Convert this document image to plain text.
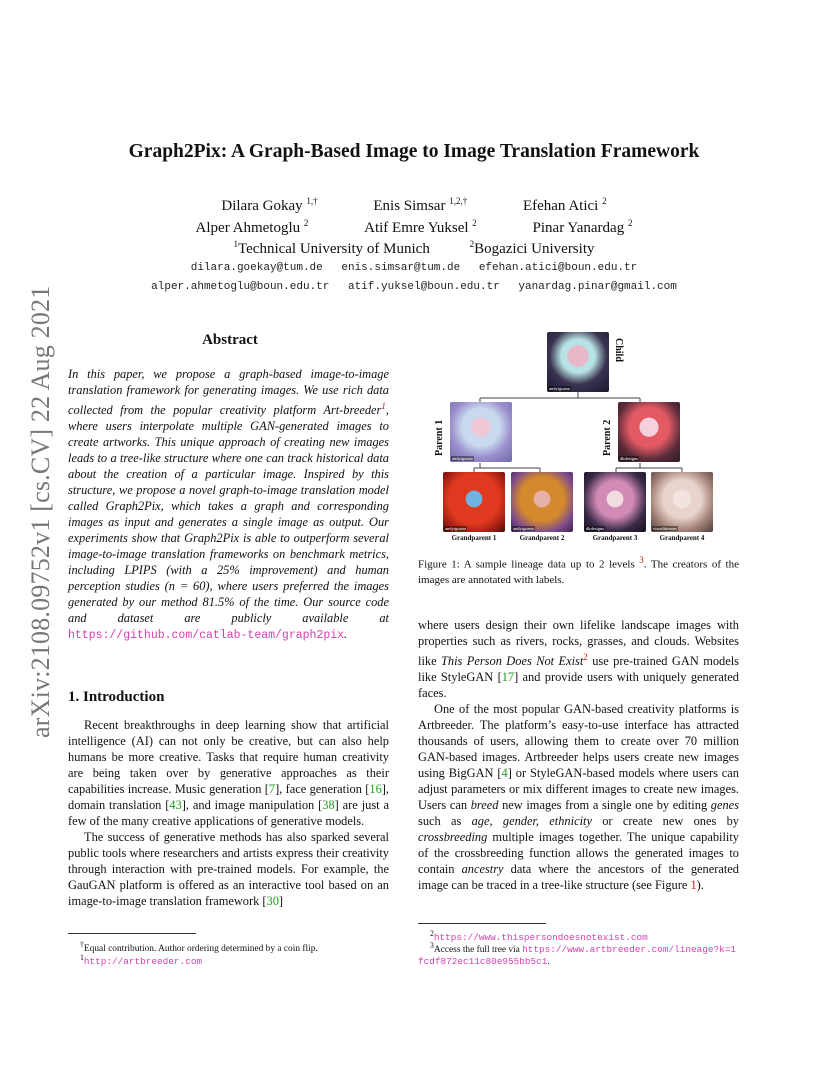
arXiv:2108.09752v1 [cs.CV] 22 Aug 2021
Graph2Pix: A Graph-Based Image to Image Translation Framework
Dilara Gokay $^{1,\dagger}$	Enis Simsar $^{1,2,\dagger}$	Efehan Atici $^2$
Alper Ahmetoglu $^2$	Atif Emre Yuksel $^2$	Pinar Yanardag $^2$
$^1$Technical University of Munich	$^2$Bogazici University
dilara.goekay@tum.de enis.simsar@tum.de efehan.atici@boun.edu.tr
alper.ahmetoglu@boun.edu.tr atif.yuksel@boun.edu.tr yanardag.pinar@gmail.com
Abstract
In this paper, we propose a graph-based image-to-image translation framework for generating images. We use rich data collected from the popular creativity platform Art-breeder$^1$, where users interpolate multiple GAN-generated images to create artworks. This unique approach of creating new images leads to a tree-like structure where one can track historical data about the creation of a particular image. Inspired by this structure, we propose a novel graph-to-image translation model called Graph2Pix, which takes a graph and corresponding images as input and generates a single image as output. Our experiments show that Graph2Pix is able to outperform several image-to-image translation frameworks on benchmark metrics, including LPIPS (with a 25% improvement) and human perception studies (n = 60), where users preferred the images generated by our method 81.5% of the time. Our source code and dataset are publicly available at https://github.com/catlab-team/graph2pix.
1. Introduction

Recent breakthroughs in deep learning show that artificial intelligence (AI) can not only be creative, but can also help humans be more creative. Tasks that require human creativity are being taken over by generative approaches as their capabilities increase. Music generation [7], face generation [16], domain translation [43], and image manipulation [38] are just a few of the many creative applications of generative models.

The success of generative methods has also sparked several public tools where researchers and artists express their creativity through interaction with pre-trained models. For example, the GauGAN platform is offered as an interactive tool based on an image-to-image translation framework [30]

†Equal contribution. Author ordering determined by a coin flip.
$^1$http://artbreeder.com
andyiguana
Child
andyiguana
Parent 1
dkdesigns
Parent 2
andyiguana	andyiguana	dkdesigns	visualdreams
Grandparent 1	Grandparent 2	Grandparent 3	Grandparent 4
Figure 1: A sample lineage data up to 2 levels $^3$. The creators of the images are annotated with labels.

where users design their own lifelike landscape images with properties such as rivers, rocks, grasses, and clouds. Websites like This Person Does Not Exist$^2$ use pre-trained GAN models like StyleGAN [17] and provide users with uniquely generated faces.

One of the most popular GAN-based creativity platforms is Artbreeder. The platform’s easy-to-use interface has attracted thousands of users, allowing them to create over 70 million GAN-based images. Artbreeder helps users create new images using BigGAN [4] or StyleGAN-based models where users can adjust parameters or mix different images to create new images. Users can breed new images from a single one by editing genes such as age, gender, ethnicity or create new ones by crossbreeding multiple images together. The unique capability of the crossbreeding function allows the generated images to contain ancestry data where the ancestors of the generated image can be traced in a tree-like structure (see Figure 1).

$^2$https://www.thispersondoesnotexist.com
$^3$Access the full tree via https://www.artbreeder.com/lineage?k=1fcdf872ec11c80e955bb5c1.
